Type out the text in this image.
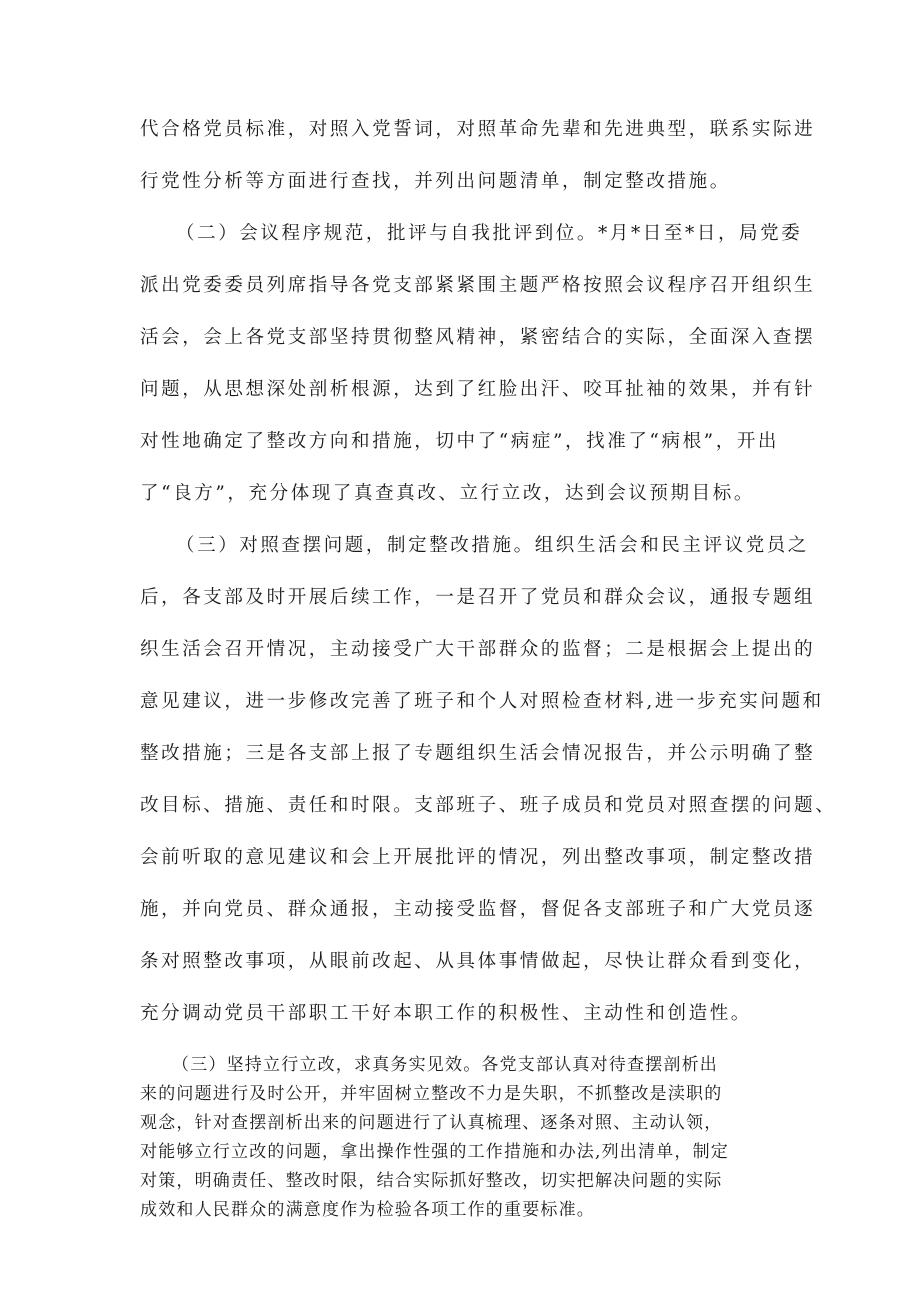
代合格党员标准，对照入党誓词，对照革命先辈和先进典型，联系实际进
行党性分析等方面进行查找，并列出问题清单，制定整改措施。
（二）会议程序规范，批评与自我批评到位。*月*日至*日，局党委
派出党委委员列席指导各党支部紧紧围主题严格按照会议程序召开组织生
活会，会上各党支部坚持贯彻整风精神，紧密结合的实际，全面深入查摆
问题，从思想深处剖析根源，达到了红脸出汗、咬耳扯袖的效果，并有针
对性地确定了整改方向和措施，切中了“病症”，找准了“病根”，开出
了“良方”，充分体现了真查真改、立行立改，达到会议预期目标。
（三）对照查摆问题，制定整改措施。组织生活会和民主评议党员之
后，各支部及时开展后续工作，一是召开了党员和群众会议，通报专题组
织生活会召开情况，主动接受广大干部群众的监督；二是根据会上提出的
意见建议，进一步修改完善了班子和个人对照检查材料,进一步充实问题和
整改措施；三是各支部上报了专题组织生活会情况报告，并公示明确了整
改目标、措施、责任和时限。支部班子、班子成员和党员对照查摆的问题、
会前听取的意见建议和会上开展批评的情况，列出整改事项，制定整改措
施，并向党员、群众通报，主动接受监督，督促各支部班子和广大党员逐
条对照整改事项，从眼前改起、从具体事情做起，尽快让群众看到变化，
充分调动党员干部职工干好本职工作的积极性、主动性和创造性。
（三）坚持立行立改，求真务实见效。各党支部认真对待查摆剖析出
来的问题进行及时公开，并牢固树立整改不力是失职，不抓整改是渎职的
观念，针对查摆剖析出来的问题进行了认真梳理、逐条对照、主动认领，
对能够立行立改的问题，拿出操作性强的工作措施和办法,列出清单，制定
对策，明确责任、整改时限，结合实际抓好整改，切实把解决问题的实际
成效和人民群众的满意度作为检验各项工作的重要标准。
